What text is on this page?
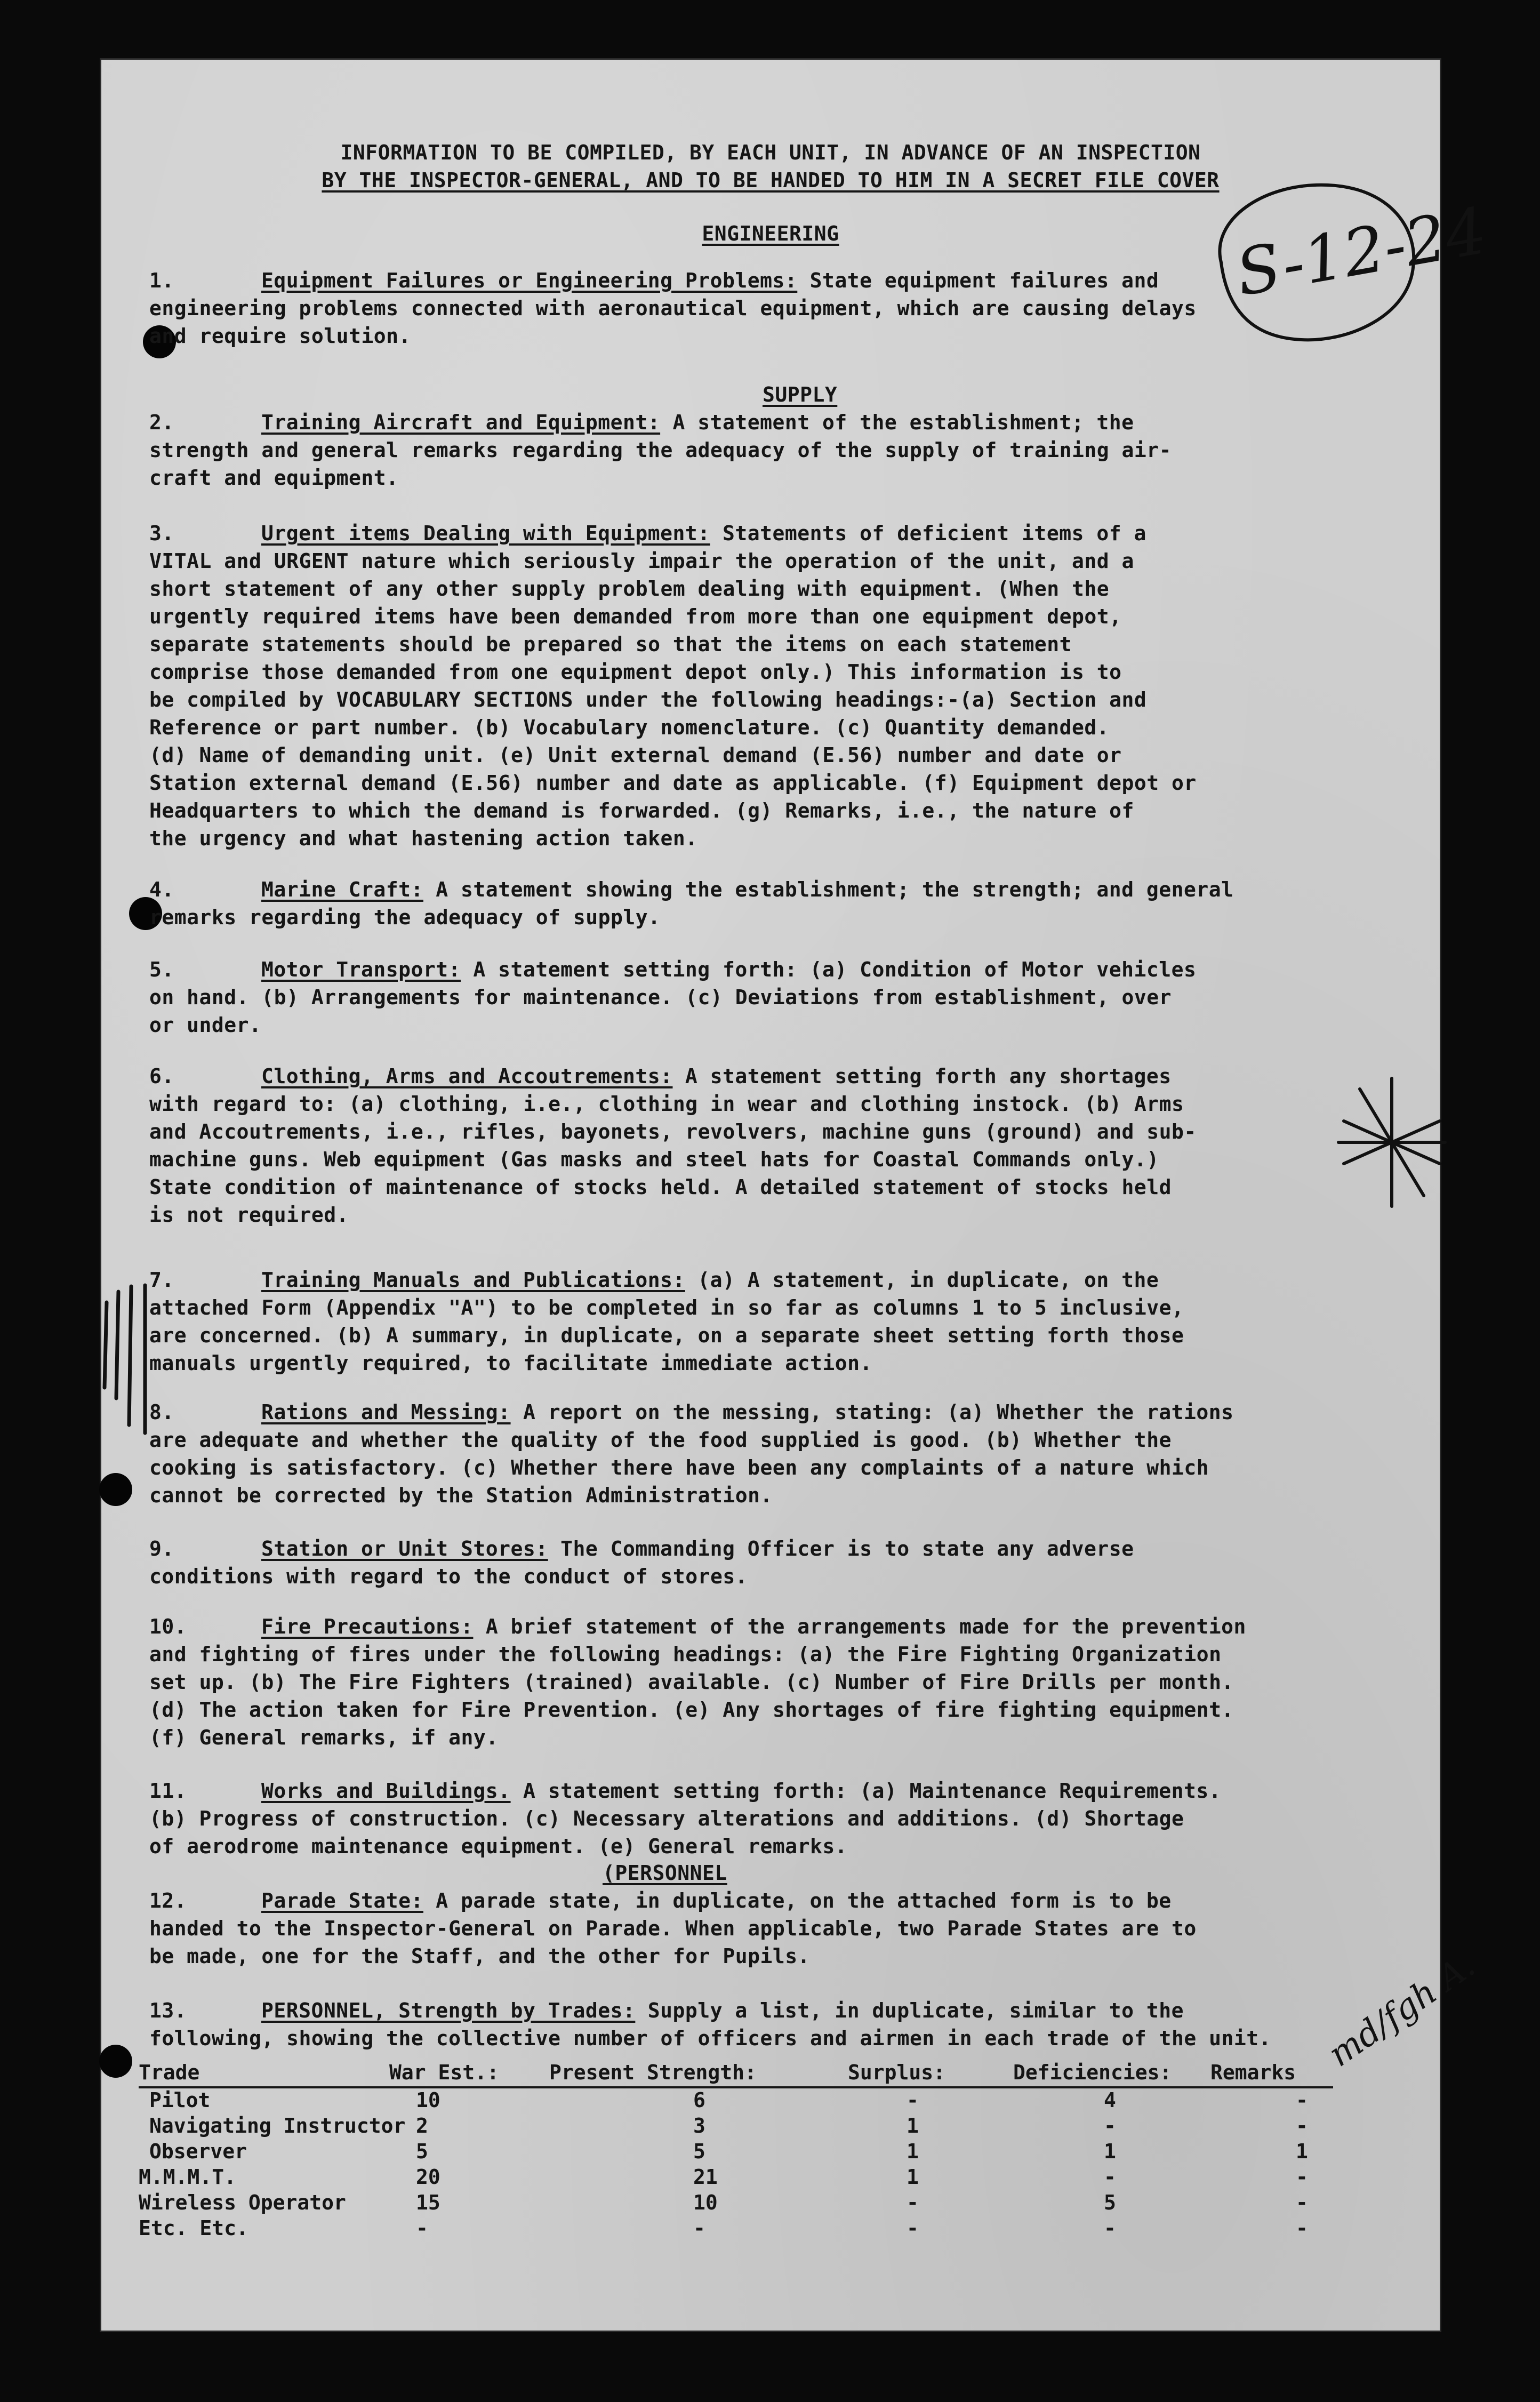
INFORMATION TO BE COMPILED, BY EACH UNIT, IN ADVANCE OF AN INSPECTION
BY THE INSPECTOR-GENERAL, AND TO BE HANDED TO HIM IN A SECRET FILE COVER
S-12-24
ENGINEERING
1.	Equipment Failures or Engineering Problems: State equipment failures and
engineering problems connected with aeronautical equipment, which are causing delays
and require solution.
SUPPLY
2.	Training Aircraft and Equipment: A statement of the establishment; the
strength and general remarks regarding the adequacy of the supply of training air-
craft and equipment.
3.	Urgent items Dealing with Equipment: Statements of deficient items of a
VITAL and URGENT nature which seriously impair the operation of the unit, and a
short statement of any other supply problem dealing with equipment. (When the
urgently required items have been demanded from more than one equipment depot,
separate statements should be prepared so that the items on each statement
comprise those demanded from one equipment depot only.) This information is to
be compiled by VOCABULARY SECTIONS under the following headings:-(a) Section and
Reference or part number. (b) Vocabulary nomenclature. (c) Quantity demanded.
(d) Name of demanding unit. (e) Unit external demand (E.56) number and date or
Station external demand (E.56) number and date as applicable. (f) Equipment depot or
Headquarters to which the demand is forwarded. (g) Remarks, i.e., the nature of
the urgency and what hastening action taken.
4.	Marine Craft: A statement showing the establishment; the strength; and general
remarks regarding the adequacy of supply.
5.	Motor Transport: A statement setting forth: (a) Condition of Motor vehicles
on hand. (b) Arrangements for maintenance. (c) Deviations from establishment, over
or under.
6.	Clothing, Arms and Accoutrements: A statement setting forth any shortages
with regard to: (a) clothing, i.e., clothing in wear and clothing instock. (b) Arms
and Accoutrements, i.e., rifles, bayonets, revolvers, machine guns (ground) and sub-
machine guns. Web equipment (Gas masks and steel hats for Coastal Commands only.)
State condition of maintenance of stocks held. A detailed statement of stocks held
is not required.
7.	Training Manuals and Publications: (a) A statement, in duplicate, on the
attached Form (Appendix "A") to be completed in so far as columns 1 to 5 inclusive,
are concerned. (b) A summary, in duplicate, on a separate sheet setting forth those
manuals urgently required, to facilitate immediate action.
8.	Rations and Messing: A report on the messing, stating: (a) Whether the rations
are adequate and whether the quality of the food supplied is good. (b) Whether the
cooking is satisfactory. (c) Whether there have been any complaints of a nature which
cannot be corrected by the Station Administration.
9.	Station or Unit Stores: The Commanding Officer is to state any adverse
conditions with regard to the conduct of stores.
10.	Fire Precautions: A brief statement of the arrangements made for the prevention
and fighting of fires under the following headings: (a) the Fire Fighting Organization
set up. (b) The Fire Fighters (trained) available. (c) Number of Fire Drills per month.
(d) The action taken for Fire Prevention. (e) Any shortages of fire fighting equipment.
(f) General remarks, if any.
11.	Works and Buildings. A statement setting forth: (a) Maintenance Requirements.
(b) Progress of construction. (c) Necessary alterations and additions. (d) Shortage
of aerodrome maintenance equipment. (e) General remarks.
(PERSONNEL
12.	Parade State: A parade state, in duplicate, on the attached form is to be
handed to the Inspector-General on Parade. When applicable, two Parade States are to
be made, one for the Staff, and the other for Pupils.	md/fgh A.
13.	PERSONNEL, Strength by Trades: Supply a list, in duplicate, similar to the
following, showing the collective number of officers and airmen in each trade of the unit.
Trade	War Est.: Present Strength:	Surplus:	Deficiencies: Remarks
Pilot	10	6	-	4	-
Navigating Instructor 2	3	1	-	-
Observer	5	5	1	1	1
M.M.M.T.	20	21	1	-	-
Wireless Operator	15	10	-	5	-
Etc. Etc.	-	-	-	-	-
